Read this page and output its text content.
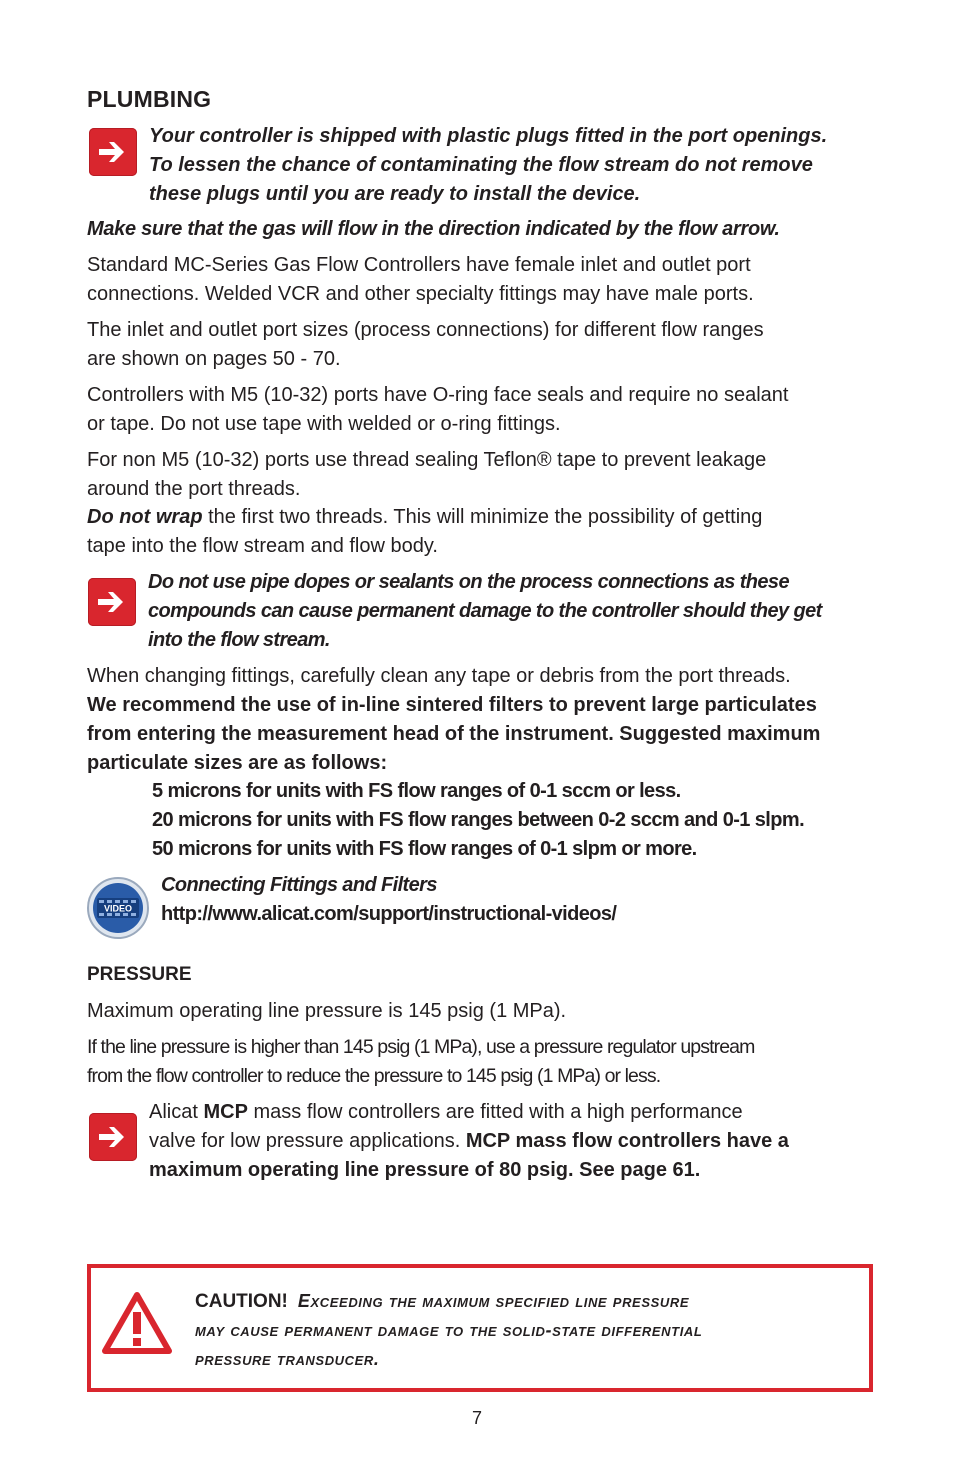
PLUMBING
Your controller is shipped with plastic plugs fitted in the port openings.
To lessen the chance of contaminating the flow stream do not remove
these plugs until you are ready to install the device.
Make sure that the gas will flow in the direction indicated by the flow arrow.
Standard MC-Series Gas Flow Controllers have female inlet and outlet port
connections. Welded VCR and other specialty fittings may have male ports.
The inlet and outlet port sizes (process connections) for different flow ranges
are shown on pages 50 - 70.
Controllers with M5 (10-32) ports have O-ring face seals and require no sealant
or tape. Do not use tape with welded or o-ring fittings.
For non M5 (10-32) ports use thread sealing Teflon® tape to prevent leakage
around the port threads.
Do not wrap the first two threads. This will minimize the possibility of getting
tape into the flow stream and flow body.
Do not use pipe dopes or sealants on the process connections as these
compounds can cause permanent damage to the controller should they get
into the flow stream.
When changing fittings, carefully clean any tape or debris from the port threads.
We recommend the use of in-line sintered filters to prevent large particulates
from entering the measurement head of the instrument. Suggested maximum
particulate sizes are as follows:
5 microns for units with FS flow ranges of 0-1 sccm or less.
20 microns for units with FS flow ranges between 0-2 sccm and 0-1 slpm.
50 microns for units with FS flow ranges of 0-1 slpm or more.
VIDEO
Connecting Fittings and Filters
http://www.alicat.com/support/instructional-videos/
PRESSURE
Maximum operating line pressure is 145 psig (1 MPa).
If the line pressure is higher than 145 psig (1 MPa), use a pressure regulator upstream
from the flow controller to reduce the pressure to 145 psig (1 MPa) or less.
Alicat MCP mass flow controllers are fitted with a high performance
valve for low pressure applications. MCP mass flow controllers have a
maximum operating line pressure of 80 psig. See page 61.
CAUTION! Exceeding the maximum specified line pressure
may cause permanent damage to the solid-state differential
pressure transducer.
7
